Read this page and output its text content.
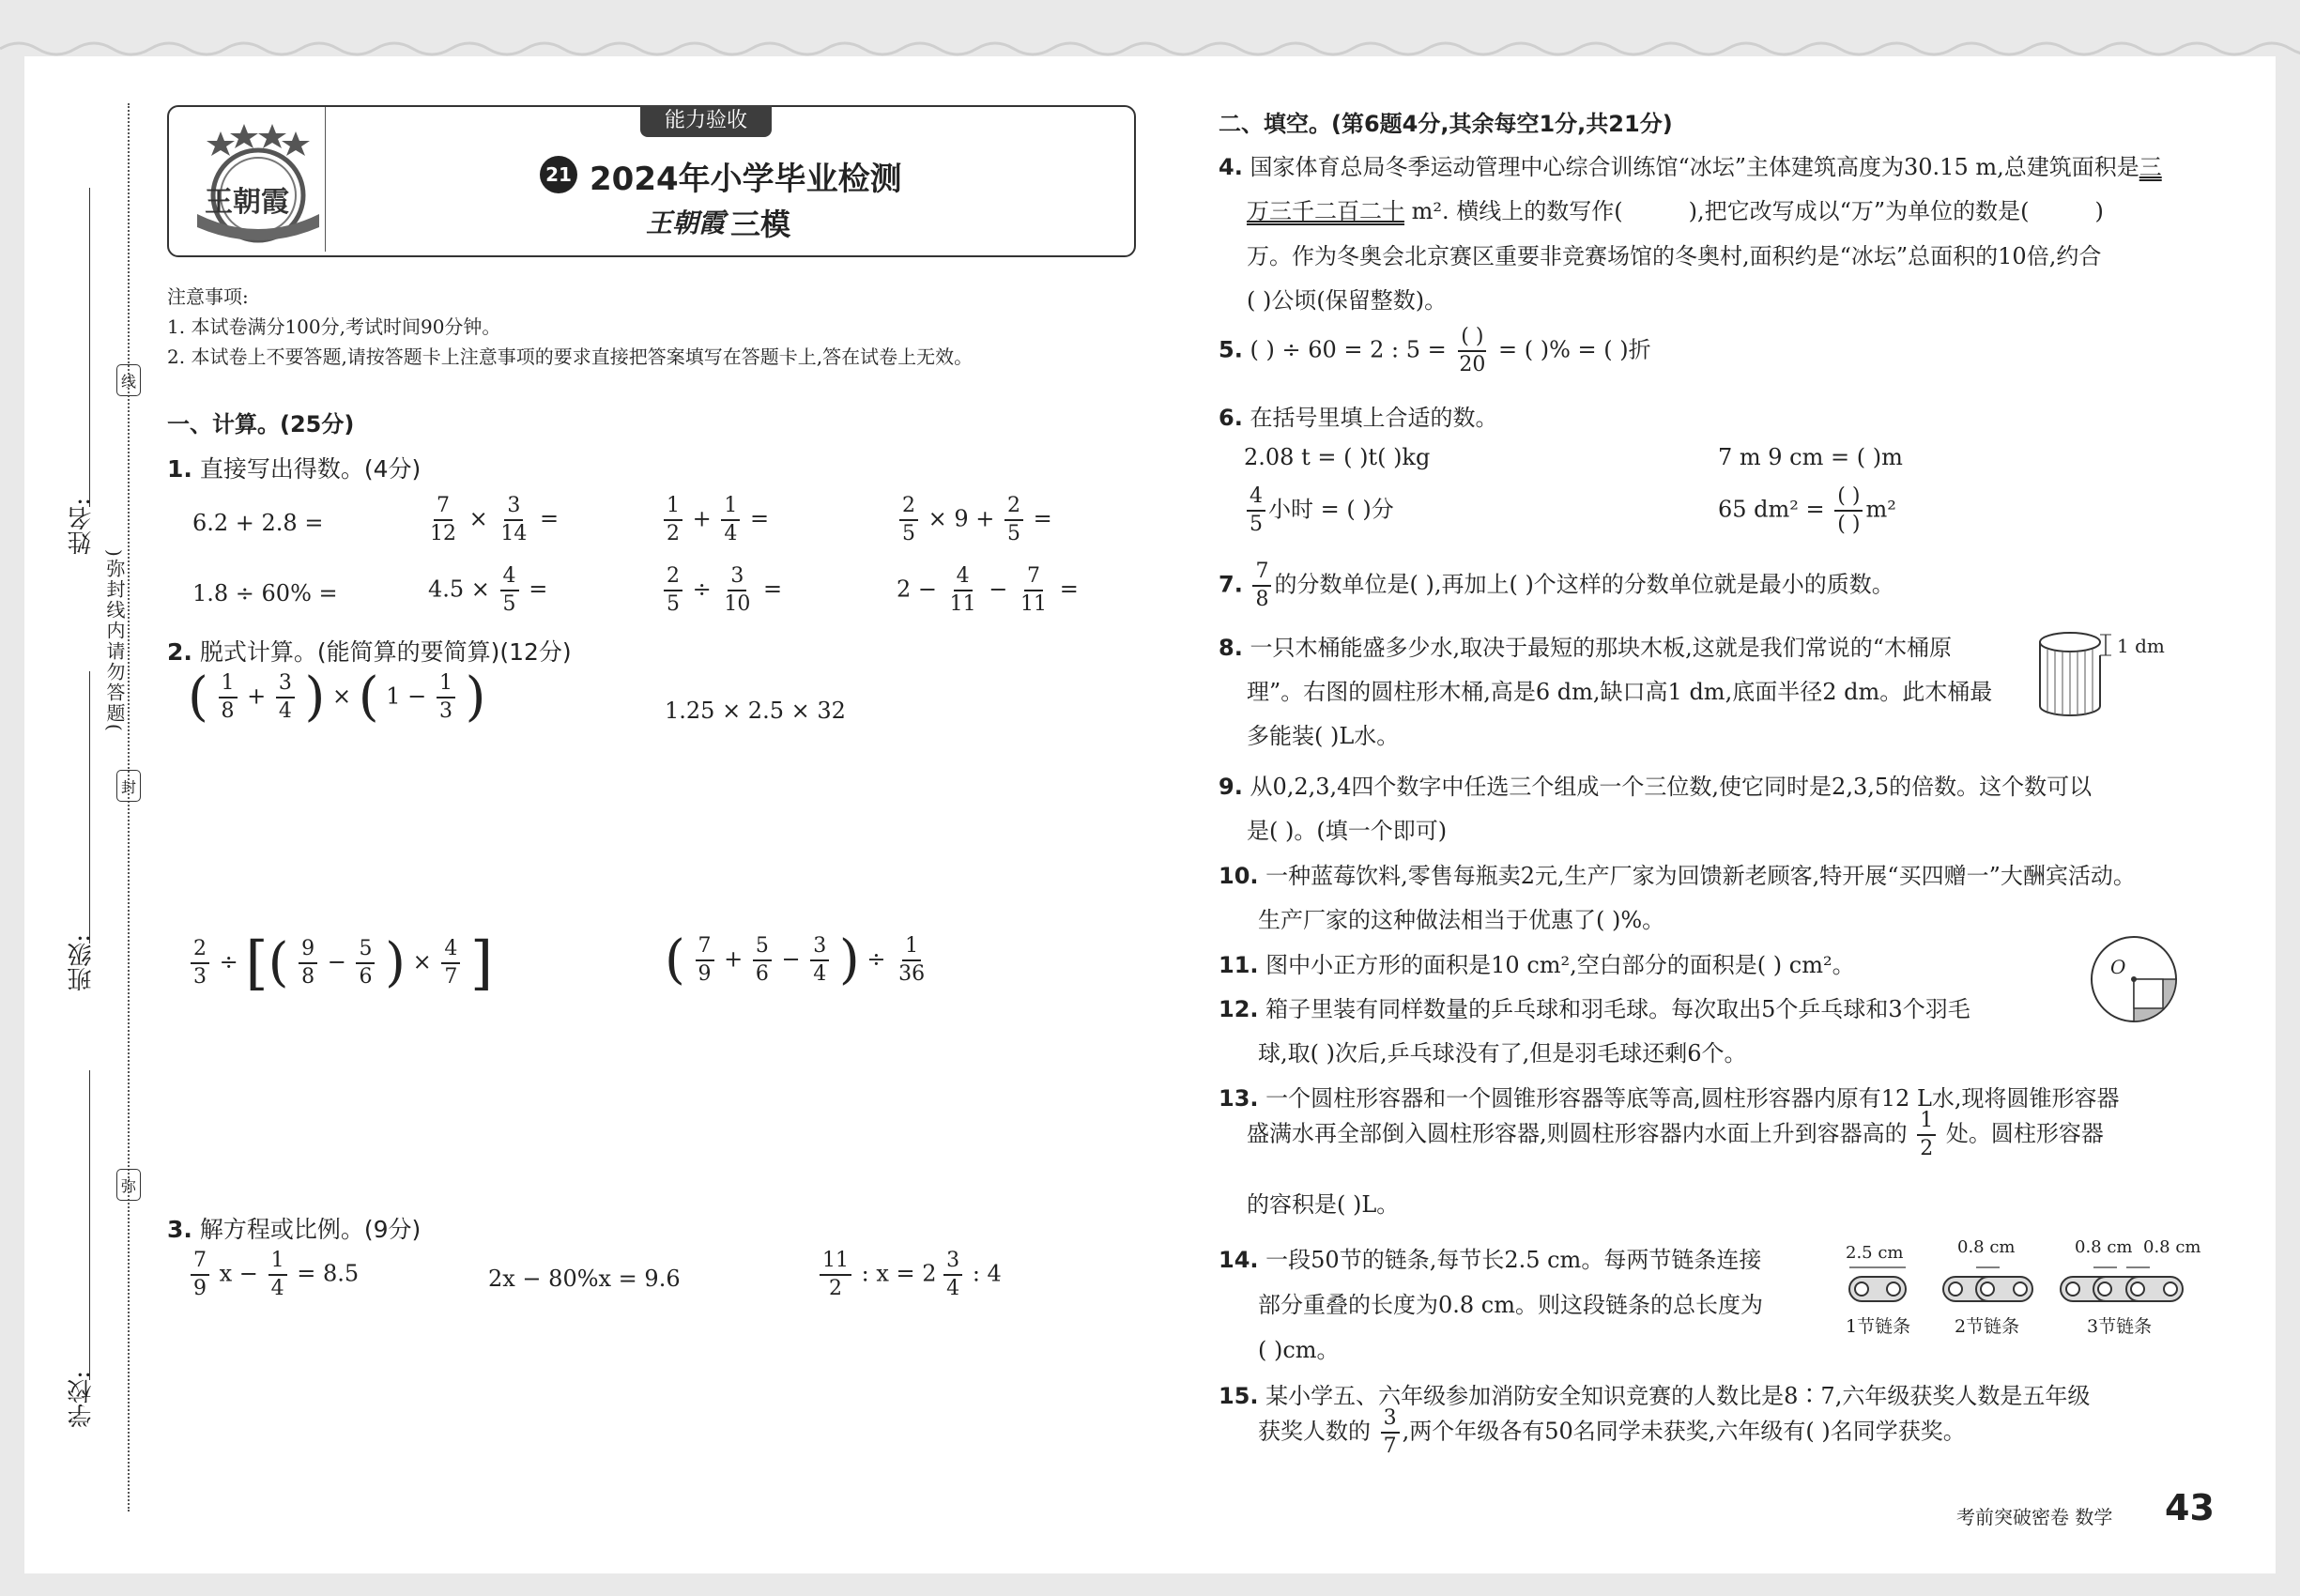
姓名:
班级:
学校:
线
)弥封线内请勿答题(
封
弥
王朝霞
能力验收
21 2024年小学毕业检测
王朝霞 三模
注意事项:
1. 本试卷满分100分,考试时间90分钟。
2. 本试卷上不要答题,请按答题卡上注意事项的要求直接把答案填写在答题卡上,答在试卷上无效。
一、计算。(25分)
1. 直接写出得数。(4分)
6.2 + 2.8 =	$\frac{7}{12} \times \frac{3}{14}$ =	$\frac{1}{2} + \frac{1}{4}$ =	$\frac{2}{5} \times 9 + \frac{2}{5}$ =
1.8 ÷ 60% =	$4.5 \times \frac{4}{5}$ =	$\frac{2}{5} \div \frac{3}{10}$ =	$2 - \frac{4}{11} - \frac{7}{11}$ =
2. 脱式计算。(能简算的要简算)(12分)
( $\frac{1}{8} + \frac{3}{4}$ ) × ( $1 - \frac{1}{3}$ )	1.25 × 2.5 × 32
$\frac{2}{3}$ ÷ [( $\frac{9}{8} - \frac{5}{6}$ ) × $\frac{4}{7}$ ]	( $\frac{7}{9} + \frac{5}{6} - \frac{3}{4}$ ) ÷ $\frac{1}{36}$
3. 解方程或比例。(9分)
$\frac{7}{9}$ $x - \frac{1}{4} = 8.5$	2x − 80%x = 9.6	$\frac{11}{2}$ : $x = 2 \frac{3}{4}$ : 4
二、填空。(第6题4分,其余每空1分,共21分)
4. 国家体育总局冬季运动管理中心综合训练馆“冰坛”主体建筑高度为30.15 m,总建筑面积是三
万三千二百二十 m². 横线上的数写作(	),把它改写成以“万”为单位的数是(	)
万。作为冬奥会北京赛区重要非竞赛场馆的冬奥村,面积约是“冰坛”总面积的10倍,约合
( )公顷(保留整数)。
5. ( ) ÷ 60 = 2 : $5 = \frac{( )}{20}$ = ( )% = ( )折
6. 在括号里填上合适的数。
2.08 t = ( )t( )kg	7 m 9 cm = ( )m
$\frac{4}{5}$ 小时 = ( )分	65 $dm^2 = \frac{( )}{( )} m^2$
7. $\frac{7}{8}$ 的分数单位是( ),再加上( )个这样的分数单位就是最小的质数。
8. 一只木桶能盛多少水,取决于最短的那块木板,这就是我们常说的“木桶原
理”。右图的圆柱形木桶,高是6 dm,缺口高1 dm,底面半径2 dm。此木桶最
多能装( )L水。
1 dm
9. 从0,2,3,4四个数字中任选三个组成一个三位数,使它同时是2,3,5的倍数。这个数可以
是( )。(填一个即可)
10. 一种蓝莓饮料,零售每瓶卖2元,生产厂家为回馈新老顾客,特开展“买四赠一”大酬宾活动。
生产厂家的这种做法相当于优惠了( )%。
11. 图中小正方形的面积是10 cm²,空白部分的面积是( ) cm²。	O
12. 箱子里装有同样数量的乒乓球和羽毛球。每次取出5个乒乓球和3个羽毛
球,取( )次后,乒乓球没有了,但是羽毛球还剩6个。
13. 一个圆柱形容器和一个圆锥形容器等底等高,圆柱形容器内原有12 L水,现将圆锥形容器
盛满水再全部倒入圆柱形容器,则圆柱形容器内水面上升到容器高的 $\frac{1}{2}$ 处。圆柱形容器
的容积是( )L。
14. 一段50节的链条,每节长2.5 cm。每两节链条连接
部分重叠的长度为0.8 cm。则这段链条的总长度为
( )cm。
2.5 cm	0.8 cm	0.8 cm 0.8 cm
1节链条 2节链条	3节链条
15. 某小学五、六年级参加消防安全知识竞赛的人数比是8∶7,六年级获奖人数是五年级
获奖人数的 $\frac{3}{7}$ ,两个年级各有50名同学未获奖,六年级有( )名同学获奖。
考前突破密卷 数学 43
